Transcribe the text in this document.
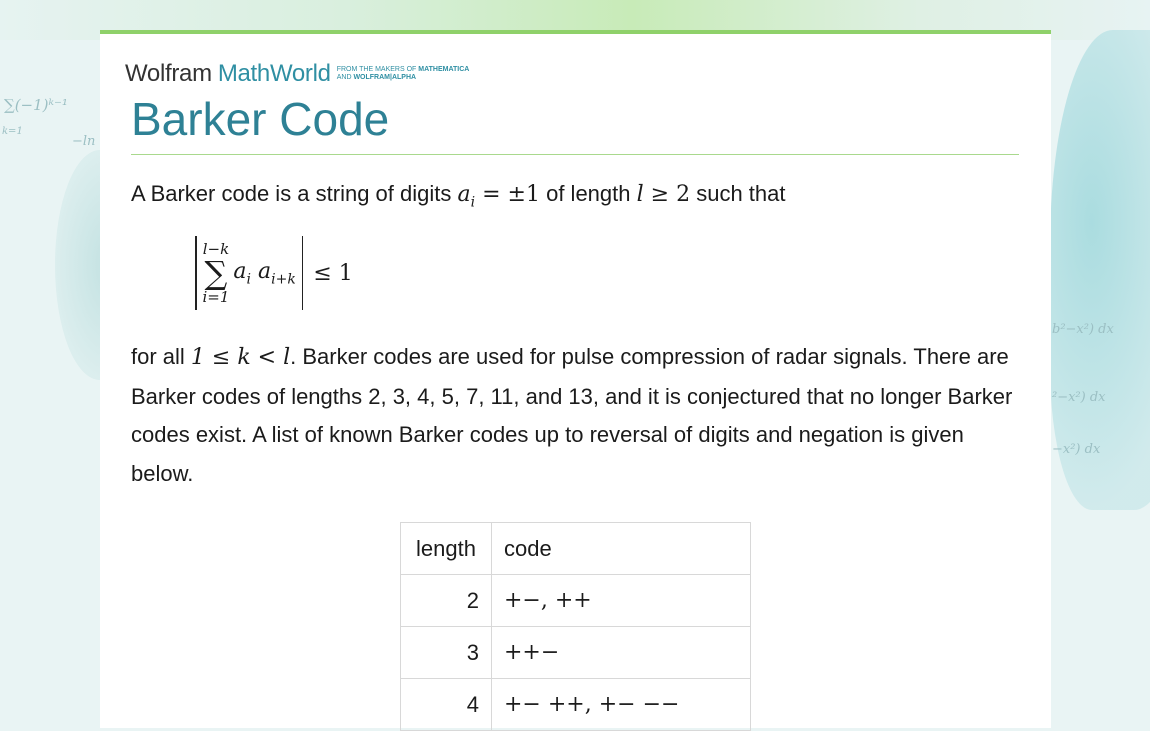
∑(−1)ᵏ⁻¹
k=1
−ln
b²−x²) dx
²−x²) dx
−x²) dx
Wolfram MathWorld FROM THE MAKERS OF MATHEMATICA
AND WOLFRAM|ALPHA
Barker Code

A Barker code is a string of digits $a_i = \pm 1$ of length l ≥ 2 such that

l−k
∑
i=1
$a_i$ $a_{i+k} \le 1$

for all 1 ≤ k < l. Barker codes are used for pulse compression of radar signals. There are Barker codes of lengths 2, 3, 4, 5, 7, 11, and 13, and it is conjectured that no longer Barker codes exist. A list of known Barker codes up to reversal of digits and negation is given below.

length	code
2	+−, ++
3	++−
4	+− ++, +− −−
